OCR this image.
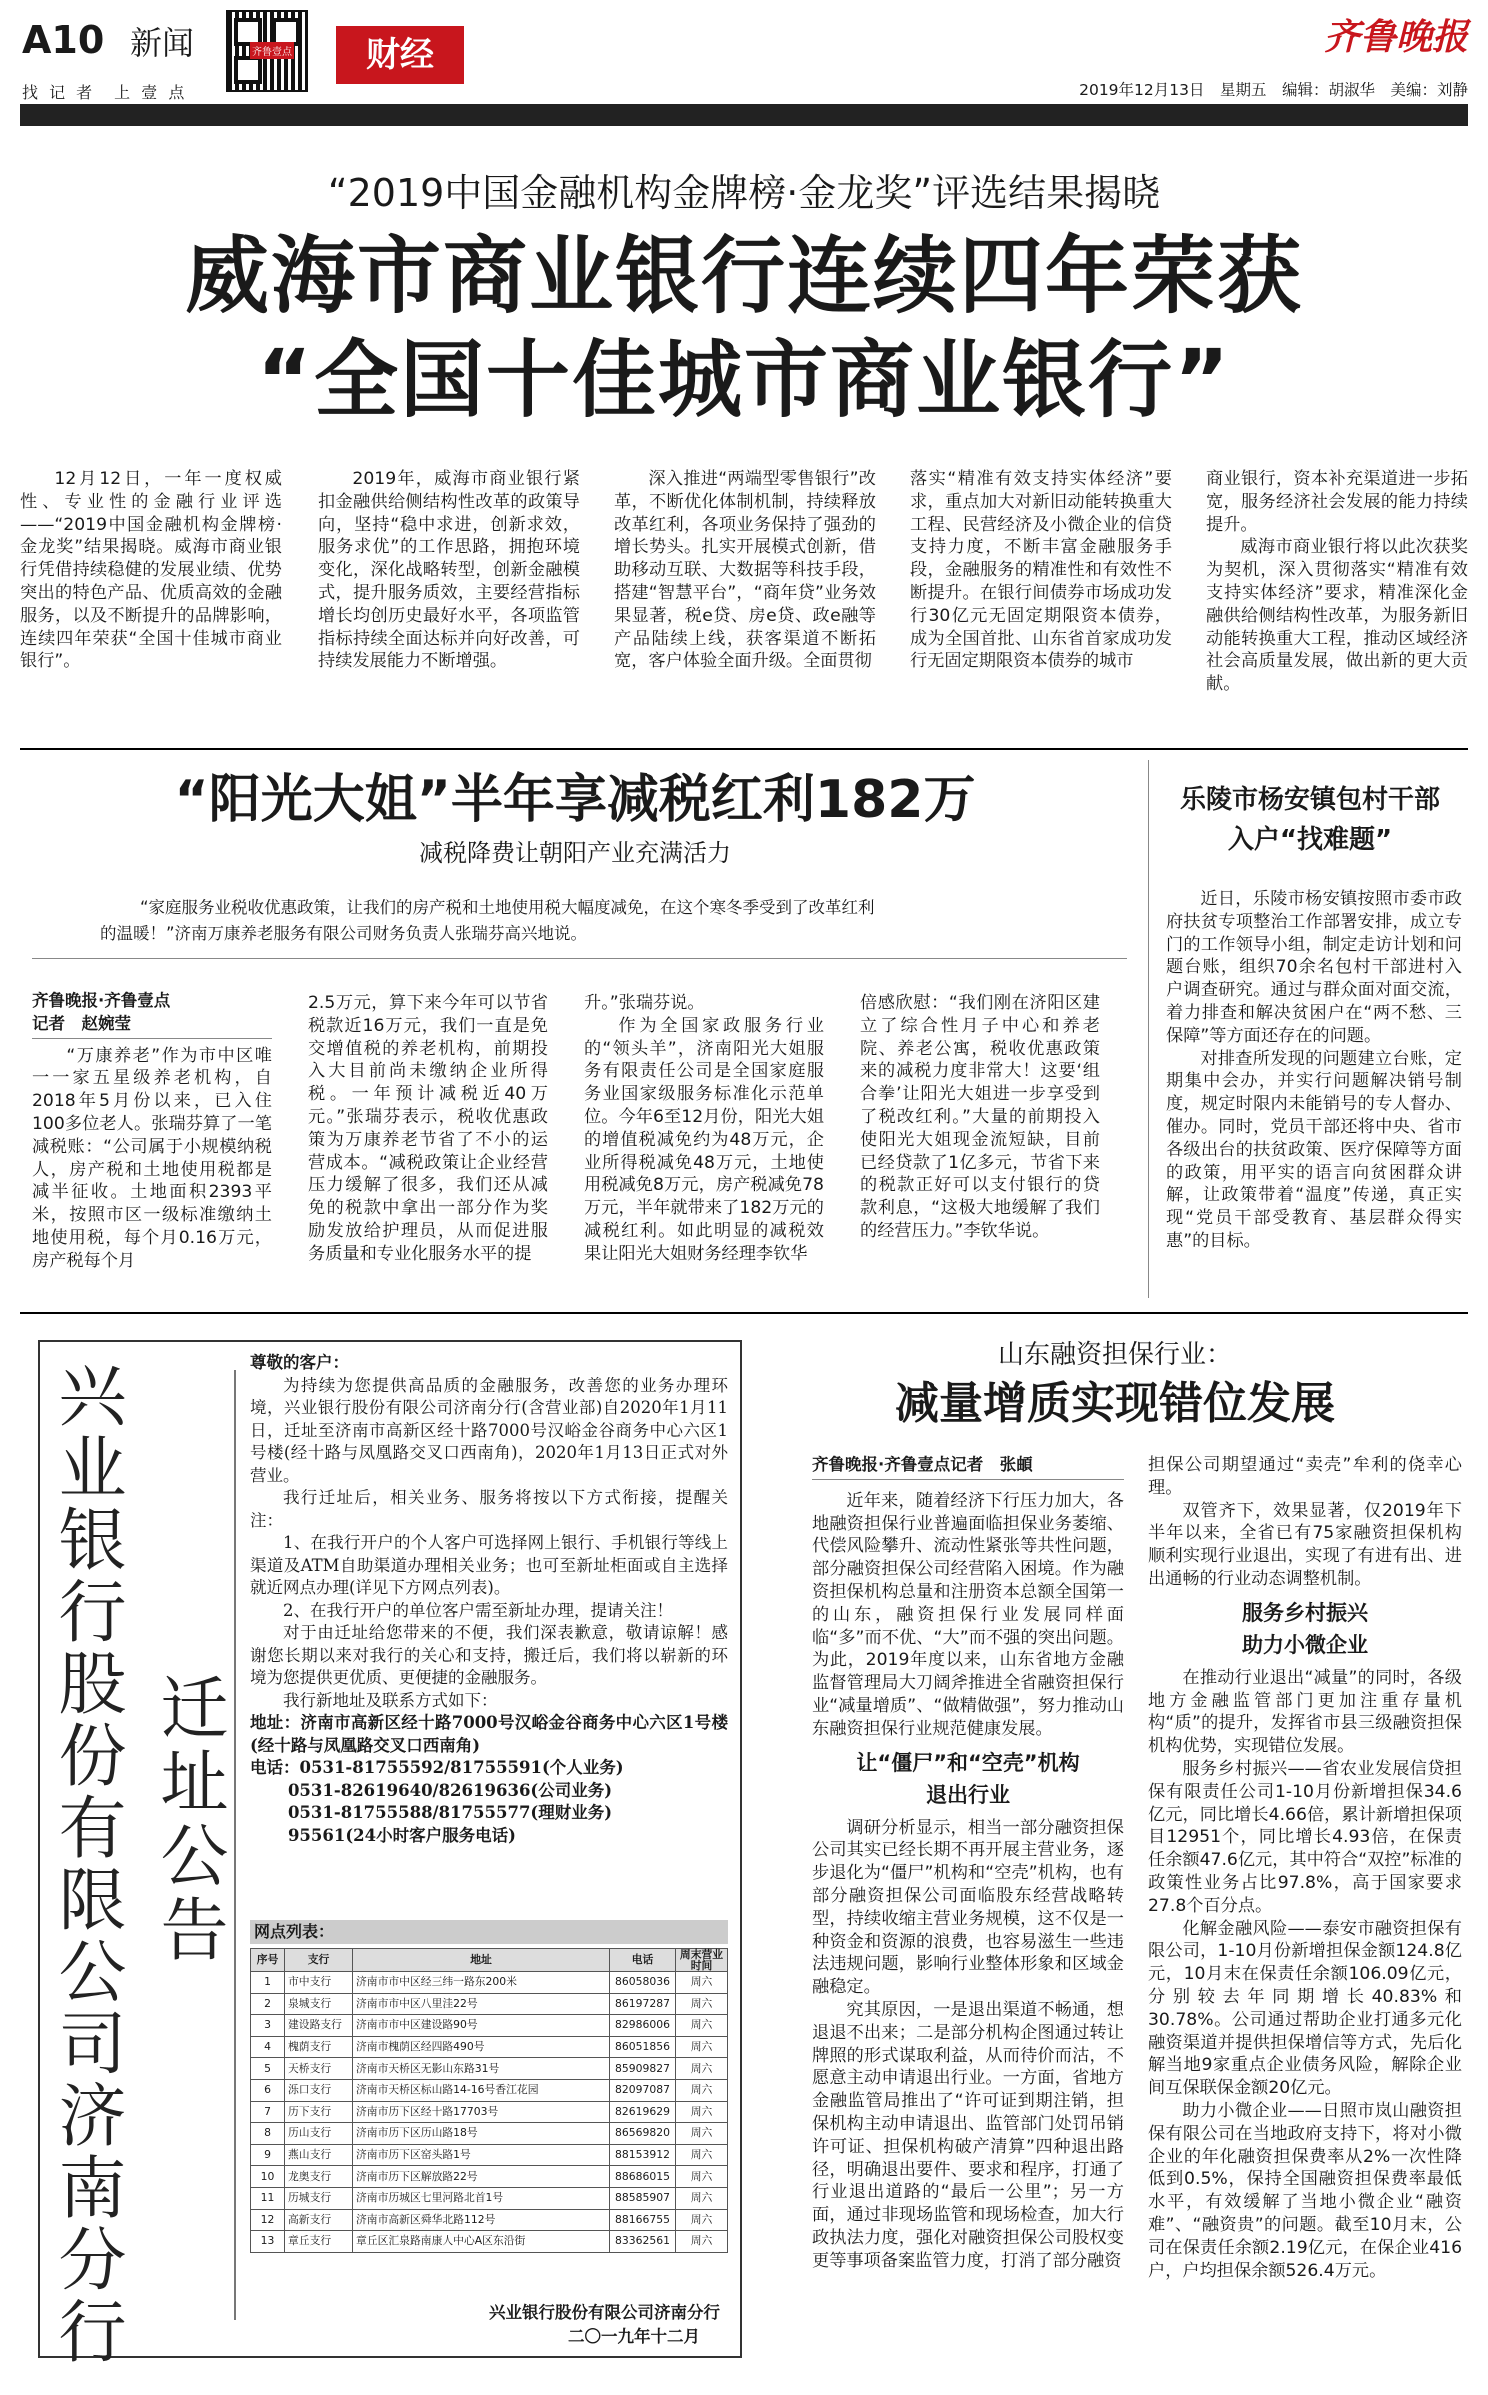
A10 新闻
找 记 者　上 壹 点
齐鲁壹点	财经	齐鲁晚报
2019年12月13日　星期五　编辑：胡淑华　美编：刘静
“2019中国金融机构金牌榜·金龙奖”评选结果揭晓
威海市商业银行连续四年荣获
“全国十佳城市商业银行”

12月12日，一年一度权威性、专业性的金融行业评选——“2019中国金融机构金牌榜·金龙奖”结果揭晓。威海市商业银行凭借持续稳健的发展业绩、优势突出的特色产品、优质高效的金融服务，以及不断提升的品牌影响，连续四年荣获“全国十佳城市商业银行”。

2019年，威海市商业银行紧扣金融供给侧结构性改革的政策导向，坚持“稳中求进，创新求效，服务求优”的工作思路，拥抱环境变化，深化战略转型，创新金融模式，提升服务质效，主要经营指标增长均创历史最好水平，各项监管指标持续全面达标并向好改善，可持续发展能力不断增强。

深入推进“两端型零售银行”改革，不断优化体制机制，持续释放改革红利，各项业务保持了强劲的增长势头。扎实开展模式创新，借助移动互联、大数据等科技手段，搭建“智慧平台”，“商年贷”业务效果显著，税e贷、房e贷、政e融等产品陆续上线，获客渠道不断拓宽，客户体验全面升级。全面贯彻

落实“精准有效支持实体经济”要求，重点加大对新旧动能转换重大工程、民营经济及小微企业的信贷支持力度，不断丰富金融服务手段，金融服务的精准性和有效性不断提升。在银行间债券市场成功发行30亿元无固定期限资本债券，成为全国首批、山东省首家成功发行无固定期限资本债券的城市

商业银行，资本补充渠道进一步拓宽，服务经济社会发展的能力持续提升。

威海市商业银行将以此次获奖为契机，深入贯彻落实“精准有效支持实体经济”要求，精准深化金融供给侧结构性改革，为服务新旧动能转换重大工程，推动区域经济社会高质量发展，做出新的更大贡献。

“阳光大姐”半年享减税红利182万
减税降费让朝阳产业充满活力
“家庭服务业税收优惠政策，让我们的房产税和土地使用税大幅度减免，在这个寒冬季受到了改革红利
的温暖！”济南万康养老服务有限公司财务负责人张瑞芬高兴地说。

齐鲁晚报·齐鲁壹点

记者　赵婉莹

“万康养老”作为市中区唯一一家五星级养老机构，自2018年5月份以来，已入住100多位老人。张瑞芬算了一笔减税账：“公司属于小规模纳税人，房产税和土地使用税都是减半征收。土地面积2393平米，按照市区一级标准缴纳土地使用税，每个月0.16万元，房产税每个月

2.5万元，算下来今年可以节省税款近16万元，我们一直是免交增值税的养老机构，前期投入大目前尚未缴纳企业所得税。一年预计减税近40万元。”张瑞芬表示，税收优惠政策为万康养老节省了不小的运营成本。“减税政策让企业经营压力缓解了很多，我们还从减免的税款中拿出一部分作为奖励发放给护理员，从而促进服务质量和专业化服务水平的提

升。”张瑞芬说。

作为全国家政服务行业的“领头羊”，济南阳光大姐服务有限责任公司是全国家庭服务业国家级服务标准化示范单位。今年6至12月份，阳光大姐的增值税减免约为48万元，企业所得税减免48万元，土地使用税减免8万元，房产税减免78万元，半年就带来了182万元的减税红利。如此明显的减税效果让阳光大姐财务经理李钦华

倍感欣慰：“我们刚在济阳区建立了综合性月子中心和养老院、养老公寓，税收优惠政策来的减税力度非常大！这要‘组合拳’让阳光大姐进一步享受到了税改红利。”大量的前期投入使阳光大姐现金流短缺，目前已经贷款了1亿多元，节省下来的税款正好可以支付银行的贷款利息，“这极大地缓解了我们的经营压力。”李钦华说。

乐陵市杨安镇包村干部
入户“找难题”

近日，乐陵市杨安镇按照市委市政府扶贫专项整治工作部署安排，成立专门的工作领导小组，制定走访计划和问题台账，组织70余名包村干部进村入户调查研究。通过与群众面对面交流，着力排查和解决贫困户在“两不愁、三保障”等方面还存在的问题。

对排查所发现的问题建立台账，定期集中会办，并实行问题解决销号制度，规定时限内未能销号的专人督办、催办。同时，党员干部还将中央、省市各级出台的扶贫政策、医疗保障等方面的政策，用平实的语言向贫困群众讲解，让政策带着“温度”传递，真正实现“党员干部受教育、基层群众得实惠”的目标。

兴业银行股份有限公司济南分行 迁址公告
尊敬的客户：
为持续为您提供高品质的金融服务，改善您的业务办理环境，兴业银行股份有限公司济南分行(含营业部)自2020年1月11日，迁址至济南市高新区经十路7000号汉峪金谷商务中心六区1号楼(经十路与凤凰路交叉口西南角)，2020年1月13日正式对外营业。
我行迁址后，相关业务、服务将按以下方式衔接，提醒关注：
1、在我行开户的个人客户可选择网上银行、手机银行等线上渠道及ATM自助渠道办理相关业务；也可至新址柜面或自主选择就近网点办理(详见下方网点列表)。
2、在我行开户的单位客户需至新址办理，提请关注！
对于由迁址给您带来的不便，我们深表歉意，敬请谅解！感谢您长期以来对我行的关心和支持，搬迁后，我们将以崭新的环境为您提供更优质、更便捷的金融服务。
我行新地址及联系方式如下：
地址：济南市高新区经十路7000号汉峪金谷商务中心六区1号楼(经十路与凤凰路交叉口西南角)
电话：0531-81755592/81755591(个人业务)
0531-82619640/82619636(公司业务)
0531-81755588/81755577(理财业务)
95561(24小时客户服务电话)
网点列表：
序号	支行	地址	电话	周末营业时间
1	市中支行	济南市市中区经三纬一路东200米	86058036	周六
2	泉城支行	济南市市中区八里洼22号	86197287	周六
3	建设路支行	济南市市中区建设路90号	82986006	周六
4	槐荫支行	济南市槐荫区经四路490号	86051856	周六
5	天桥支行	济南市天桥区无影山东路31号	85909827	周六
6	泺口支行	济南市天桥区标山路14-16号香江花园	82097087	周六
7	历下支行	济南市历下区经十路17703号	82619629	周六
8	历山支行	济南市历下区历山路18号	86569820	周六
9	燕山支行	济南市历下区窑头路1号	88153912	周六
10	龙奥支行	济南市历下区解放路22号	88686015	周六
11	历城支行	济南市历城区七里河路北首1号	88585907	周六
12	高新支行	济南市高新区舜华北路112号	88166755	周六
13	章丘支行	章丘区汇泉路南康人中心A区东沿街	83362561	周六
兴业银行股份有限公司济南分行
二〇一九年十二月
山东融资担保行业：
减量增质实现错位发展

齐鲁晚报·齐鲁壹点记者　张頔

近年来，随着经济下行压力加大，各地融资担保行业普遍面临担保业务萎缩、代偿风险攀升、流动性紧张等共性问题，部分融资担保公司经营陷入困境。作为融资担保机构总量和注册资本总额全国第一的山东，融资担保行业发展同样面临“多”而不优、“大”而不强的突出问题。为此，2019年度以来，山东省地方金融监督管理局大刀阔斧推进全省融资担保行业“减量增质”、“做精做强”，努力推动山东融资担保行业规范健康发展。

让“僵尸”和“空壳”机构
退出行业

调研分析显示，相当一部分融资担保公司其实已经长期不再开展主营业务，逐步退化为“僵尸”机构和“空壳”机构，也有部分融资担保公司面临股东经营战略转型，持续收缩主营业务规模，这不仅是一种资金和资源的浪费，也容易滋生一些违法违规问题，影响行业整体形象和区域金融稳定。

究其原因，一是退出渠道不畅通，想退退不出来；二是部分机构企图通过转让牌照的形式谋取利益，从而待价而沽，不愿意主动申请退出行业。一方面，省地方金融监管局推出了“许可证到期注销，担保机构主动申请退出、监管部门处罚吊销许可证、担保机构破产清算”四种退出路径，明确退出要件、要求和程序，打通了行业退出道路的“最后一公里”；另一方面，通过非现场监管和现场检查，加大行政执法力度，强化对融资担保公司股权变更等事项备案监管力度，打消了部分融资

担保公司期望通过“卖壳”牟利的侥幸心理。

双管齐下，效果显著，仅2019年下半年以来，全省已有75家融资担保机构顺利实现行业退出，实现了有进有出、进出通畅的行业动态调整机制。

服务乡村振兴
助力小微企业

在推动行业退出“减量”的同时，各级地方金融监管部门更加注重存量机构“质”的提升，发挥省市县三级融资担保机构优势，实现错位发展。

服务乡村振兴——省农业发展信贷担保有限责任公司1-10月份新增担保34.6亿元，同比增长4.66倍，累计新增担保项目12951个，同比增长4.93倍，在保责任余额47.6亿元，其中符合“双控”标准的政策性业务占比97.8%，高于国家要求27.8个百分点。

化解金融风险——泰安市融资担保有限公司，1-10月份新增担保金额124.8亿元，10月末在保责任余额106.09亿元，分别较去年同期增长40.83%和30.78%。公司通过帮助企业打通多元化融资渠道并提供担保增信等方式，先后化解当地9家重点企业债务风险，解除企业间互保联保金额20亿元。

助力小微企业——日照市岚山融资担保有限公司在当地政府支持下，将对小微企业的年化融资担保费率从2%一次性降低到0.5%，保持全国融资担保费率最低水平，有效缓解了当地小微企业“融资难”、“融资贵”的问题。截至10月末，公司在保责任余额2.19亿元，在保企业416户，户均担保余额526.4万元。
